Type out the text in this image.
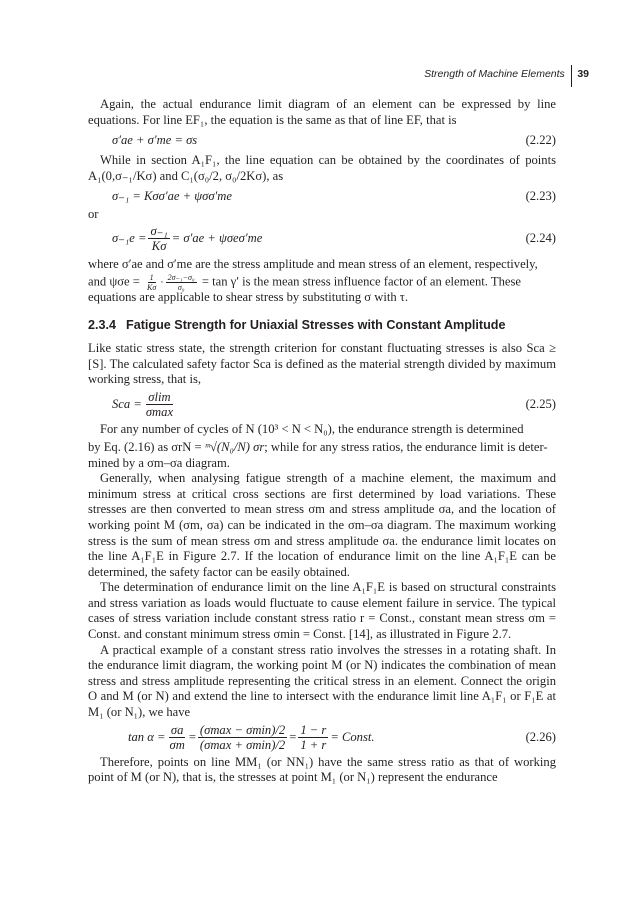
Strength of Machine Elements 39

Again, the actual endurance limit diagram of an element can be expressed by line equations. For line EF₁, the equation is the same as that of line EF, that is

σ′ae + σ′me = σs	(2.22)

While in section A₁F₁, the line equation can be obtained by the coordinates of points A₁(0,σ₋₁/Kσ) and C₁(σ₀/2, σ₀/2Kσ), as

σ₋₁ = Kσσ′ae + ψσσ′me	(2.23)

or

$\sigma_{-1}e = \frac{\text{σ₋₁}}{K\sigma} = \sigma'ae + \psi\sigma e\sigma'me$	(2.24)

where σ′ae and σ′me are the stress amplitude and mean stress of an element, respectively,

and $\psi\sigma e = \frac{1}{K\sigma} \cdot \frac{\text{2σ₋₁−σ₀}}{\text{σ₀}} = \tan \gamma'$ is the mean stress influence factor of an element. These

equations are applicable to shear stress by substituting σ with τ.

2.3.4 Fatigue Strength for Uniaxial Stresses with Constant Amplitude

Like static stress state, the strength criterion for constant fluctuating stresses is also Sca ≥ [S]. The calculated safety factor Sca is defined as the material strength divided by maximum working stress, that is,

Sca = $\frac{\sigma\lim}{\sigma\max}$	(2.25)

For any number of cycles of N (10³ < N < N₀), the endurance strength is determined

by Eq. (2.16) as σrN = ᵐ√(N₀/N) σr; while for any stress ratios, the endurance limit is deter-

mined by a σm–σa diagram.

Generally, when analysing fatigue strength of a machine element, the maximum and minimum stress at critical cross sections are first determined by load variations. These stresses are then converted to mean stress σm and stress amplitude σa, and the location of working point M (σm, σa) can be indicated in the σm–σa diagram. The maximum working stress is the sum of mean stress σm and stress amplitude σa. the endurance limit locates on the line A₁F₁E in Figure 2.7. If the location of endurance limit on the line A₁F₁E can be determined, the safety factor can be easily obtained.

The determination of endurance limit on the line A₁F₁E is based on structural constraints and stress variation as loads would fluctuate to cause element failure in service. The typical cases of stress variation include constant stress ratio r = Const., constant mean stress σm = Const. and constant minimum stress σmin = Const. [14], as illustrated in Figure 2.7.

A practical example of a constant stress ratio involves the stresses in a rotating shaft. In the endurance limit diagram, the working point M (or N) indicates the combination of mean stress and stress amplitude representing the critical stress in an element. Connect the origin O and M (or N) and extend the line to intersect with the endurance limit line A₁F₁ or F₁E at M₁ (or N₁), we have

$\tan \alpha = \frac{\sigma a}{\sigma m} = \frac{(\sigma\max - \sigma\min)/2}{(\sigma\max + \sigma\min)/2} = \frac{1 - r}{1 + r}$ = Const.	(2.26)

Therefore, points on line MM₁ (or NN₁) have the same stress ratio as that of working point of M (or N), that is, the stresses at point M₁ (or N₁) represent the endurance
